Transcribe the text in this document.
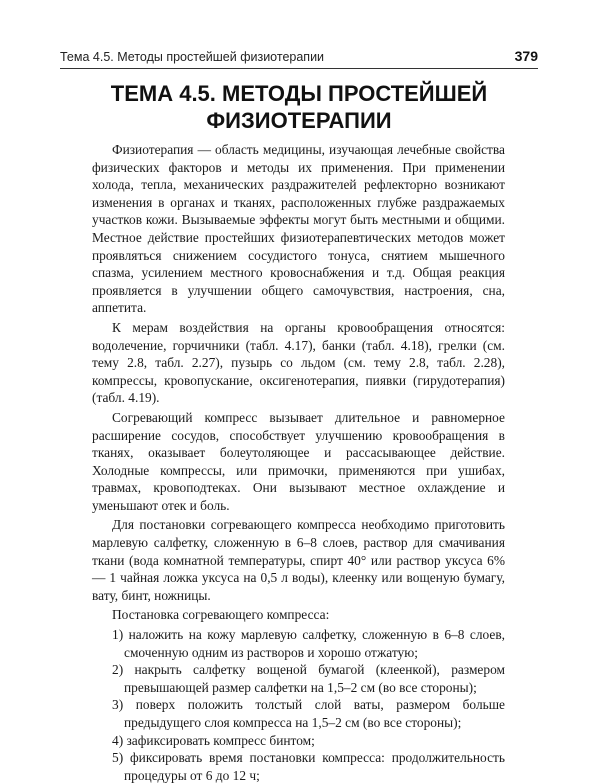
Тема 4.5. Методы простейшей физиотерапии	379
ТЕМА 4.5. МЕТОДЫ ПРОСТЕЙШЕЙ
ФИЗИОТЕРАПИИ

Физиотерапия — область медицины, изучающая лечебные свойства физических факторов и методы их применения. При применении холода, тепла, механических раздражителей рефлекторно возникают изменения в органах и тканях, расположенных глубже раздражаемых участков кожи. Вызываемые эффекты могут быть местными и общими. Местное действие простейших физиотерапевтических методов может проявляться снижением сосудистого тонуса, снятием мышечного спазма, усилением местного кровоснабжения и т.д. Общая реакция проявляется в улучшении общего самочувствия, настроения, сна, аппетита.

К мерам воздействия на органы кровообращения относятся: водолечение, горчичники (табл. 4.17), банки (табл. 4.18), грелки (см. тему 2.8, табл. 2.27), пузырь со льдом (см. тему 2.8, табл. 2.28), компрессы, кровопускание, оксигенотерапия, пиявки (гирудотерапия) (табл. 4.19).

Согревающий компресс вызывает длительное и равномерное расширение сосудов, способствует улучшению кровообращения в тканях, оказывает болеутоляющее и рассасывающее действие. Холодные компрессы, или примочки, применяются при ушибах, травмах, кровоподтеках. Они вызывают местное охлаждение и уменьшают отек и боль.

Для постановки согревающего компресса необходимо приготовить марлевую салфетку, сложенную в 6–8 слоев, раствор для смачивания ткани (вода комнатной температуры, спирт 40° или раствор уксуса 6% — 1 чайная ложка уксуса на 0,5 л воды), клеенку или вощеную бумагу, вату, бинт, ножницы.

Постановка согревающего компресса:

1) наложить на кожу марлевую салфетку, сложенную в 6–8 слоев, смоченную одним из растворов и хорошо отжатую;
2) накрыть салфетку вощеной бумагой (клеенкой), размером превышающей размер салфетки на 1,5–2 см (во все стороны);
3) поверх положить толстый слой ваты, размером больше предыдущего слоя компресса на 1,5–2 см (во все стороны);
4) зафиксировать компресс бинтом;
5) фиксировать время постановки компресса: продолжительность процедуры от 6 до 12 ч;
